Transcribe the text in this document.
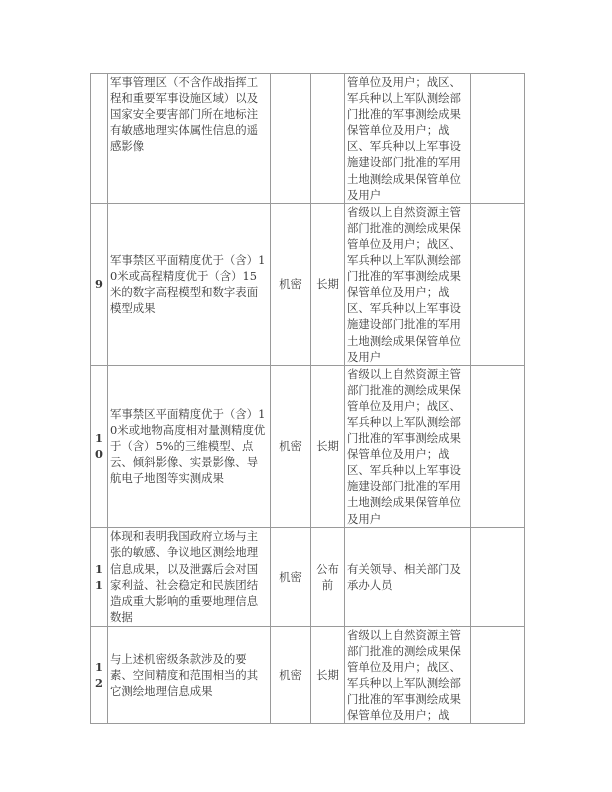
	军事管理区（不含作战指挥工程和重要军事设施区域）以及国家安全要害部门所在地标注有敏感地理实体属性信息的遥感影像			管单位及用户；战区、军兵种以上军队测绘部门批准的军事测绘成果保管单位及用户；战区、军兵种以上军事设施建设部门批准的军用土地测绘成果保管单位及用户	
9	军事禁区平面精度优于（含）10米或高程精度优于（含）15米的数字高程模型和数字表面模型成果	机密	长期	省级以上自然资源主管部门批准的测绘成果保管单位及用户；战区、军兵种以上军队测绘部门批准的军事测绘成果保管单位及用户；战区、军兵种以上军事设施建设部门批准的军用土地测绘成果保管单位及用户	
10	军事禁区平面精度优于（含）10米或地物高度相对量测精度优于（含）5%的三维模型、点云、倾斜影像、实景影像、导航电子地图等实测成果	机密	长期	省级以上自然资源主管部门批准的测绘成果保管单位及用户；战区、军兵种以上军队测绘部门批准的军事测绘成果保管单位及用户；战区、军兵种以上军事设施建设部门批准的军用土地测绘成果保管单位及用户	
11	体现和表明我国政府立场与主张的敏感、争议地区测绘地理信息成果，以及泄露后会对国家利益、社会稳定和民族团结造成重大影响的重要地理信息数据	机密	公布前	有关领导、相关部门及承办人员	
12	与上述机密级条款涉及的要素、空间精度和范围相当的其它测绘地理信息成果	机密	长期	省级以上自然资源主管部门批准的测绘成果保管单位及用户；战区、军兵种以上军队测绘部门批准的军事测绘成果保管单位及用户；战	
